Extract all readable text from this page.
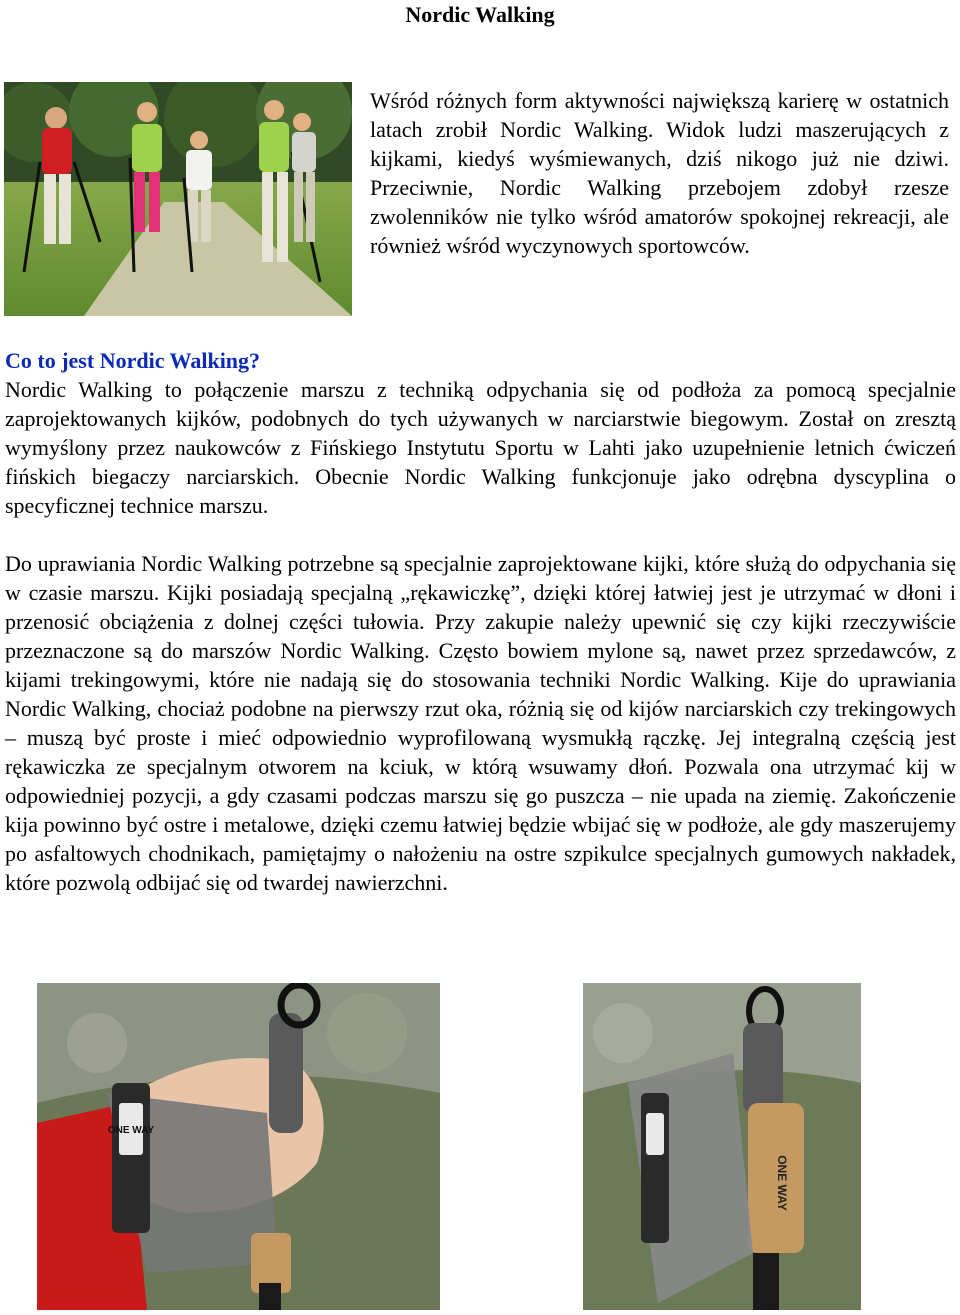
Nordic Walking

Wśród różnych form aktywności największą karierę w ostatnich latach zrobił Nordic Walking. Widok ludzi maszerujących z kijkami, kiedyś wyśmiewanych, dziś nikogo już nie dziwi. Przeciwnie, Nordic Walking przebojem zdobył rzesze zwolenników nie tylko wśród amatorów spokojnej rekreacji, ale również wśród wyczynowych sportowców.

Co to jest Nordic Walking?

Nordic Walking to połączenie marszu z techniką odpychania się od podłoża za pomocą specjalnie zaprojektowanych kijków, podobnych do tych używanych w narciarstwie biegowym. Został on zresztą wymyślony przez naukowców z Fińskiego Instytutu Sportu w Lahti jako uzupełnienie letnich ćwiczeń fińskich biegaczy narciarskich. Obecnie Nordic Walking funkcjonuje jako odrębna dyscyplina o specyficznej technice marszu.

Do uprawiania Nordic Walking potrzebne są specjalnie zaprojektowane kijki, które służą do odpychania się w czasie marszu. Kijki posiadają specjalną „rękawiczkę”, dzięki której łatwiej jest je utrzymać w dłoni i przenosić obciążenia z dolnej części tułowia. Przy zakupie należy upewnić się czy kijki rzeczywiście przeznaczone są do marszów Nordic Walking. Często bowiem mylone są, nawet przez sprzedawców, z kijami trekingowymi, które nie nadają się do stosowania techniki Nordic Walking. Kije do uprawiania Nordic Walking, chociaż podobne na pierwszy rzut oka, różnią się od kijów narciarskich czy trekingowych – muszą być proste i mieć odpowiednio wyprofilowaną wysmukłą rączkę. Jej integralną częścią jest rękawiczka ze specjalnym otworem na kciuk, w którą wsuwamy dłoń. Pozwala ona utrzymać kij w odpowiedniej pozycji, a gdy czasami podczas marszu się go puszcza – nie upada na ziemię. Zakończenie kija powinno być ostre i metalowe, dzięki czemu łatwiej będzie wbijać się w podłoże, ale gdy maszerujemy po asfaltowych chodnikach, pamiętajmy o nałożeniu na ostre szpikulce specjalnych gumowych nakładek, które pozwolą odbijać się od twardej nawierzchni.

ONE WAY
ONE WAY
